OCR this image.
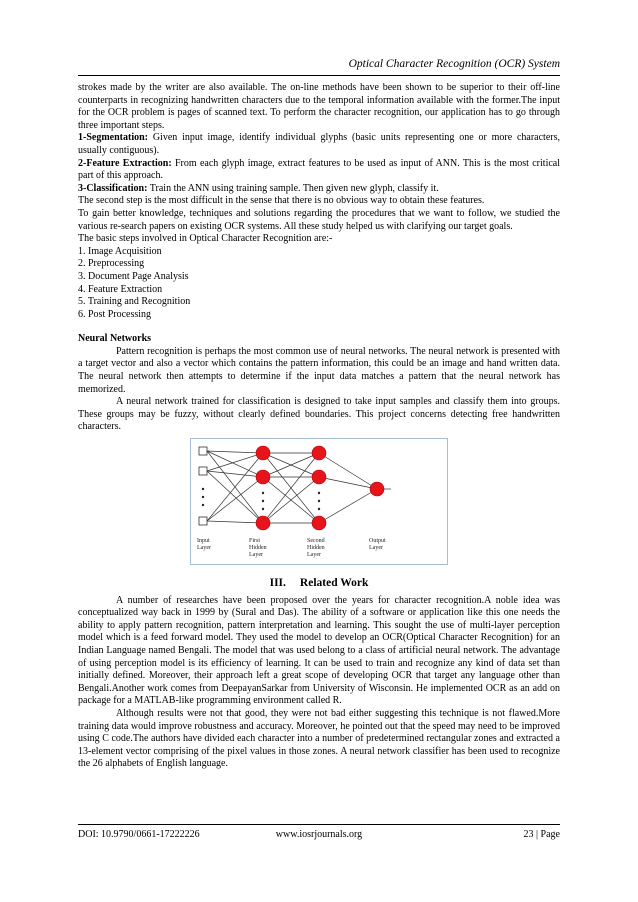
Optical Character Recognition (OCR) System

strokes made by the writer are also available. The on-line methods have been shown to be superior to their off-line counterparts in recognizing handwritten characters due to the temporal information available with the former.The input for the OCR problem is pages of scanned text. To perform the character recognition, our application has to go through three important steps.

1-Segmentation: Given input image, identify individual glyphs (basic units representing one or more characters, usually contiguous).

2-Feature Extraction: From each glyph image, extract features to be used as input of ANN. This is the most critical part of this approach.

3-Classification: Train the ANN using training sample. Then given new glyph, classify it.

The second step is the most difficult in the sense that there is no obvious way to obtain these features.

To gain better knowledge, techniques and solutions regarding the procedures that we want to follow, we studied the various re-search papers on existing OCR systems. All these study helped us with clarifying our target goals.

The basic steps involved in Optical Character Recognition are:-

1. Image Acquisition

2. Preprocessing

3. Document Page Analysis

4. Feature Extraction

5. Training and Recognition

6. Post Processing

Neural Networks

Pattern recognition is perhaps the most common use of neural networks. The neural network is presented with a target vector and also a vector which contains the pattern information, this could be an image and hand written data. The neural network then attempts to determine if the input data matches a pattern that the neural network has memorized.

A neural network trained for classification is designed to take input samples and classify them into groups. These groups may be fuzzy, without clearly defined boundaries. This project concerns detecting free handwritten characters.

Input
Layer
First
Hidden
Layer
Second
Hidden
Layer
Output
Layer
III. Related Work

A number of researches have been proposed over the years for character recognition.A noble idea was conceptualized way back in 1999 by (Sural and Das). The ability of a software or application like this one needs the ability to apply pattern recognition, pattern interpretation and learning. This sought the use of multi-layer perception model which is a feed forward model. They used the model to develop an OCR(Optical Character Recognition) for an Indian Language named Bengali. The model that was used belong to a class of artificial neural network. The advantage of using perception model is its efficiency of learning. It can be used to train and recognize any kind of data set than initially defined. Moreover, their approach left a great scope of developing OCR that target any language other than Bengali.Another work comes from DeepayanSarkar from University of Wisconsin. He implemented OCR as an add on package for a MATLAB-like programming environment called R.

Although results were not that good, they were not bad either suggesting this technique is not flawed.More training data would improve robustness and accuracy. Moreover, he pointed out that the speed may need to be improved using C code.The authors have divided each character into a number of predetermined rectangular zones and extracted a 13-element vector comprising of the pixel values in those zones. A neural network classifier has been used to recognize the 26 alphabets of English language.

DOI: 10.9790/0661-17222226	www.iosrjournals.org	23 | Page
